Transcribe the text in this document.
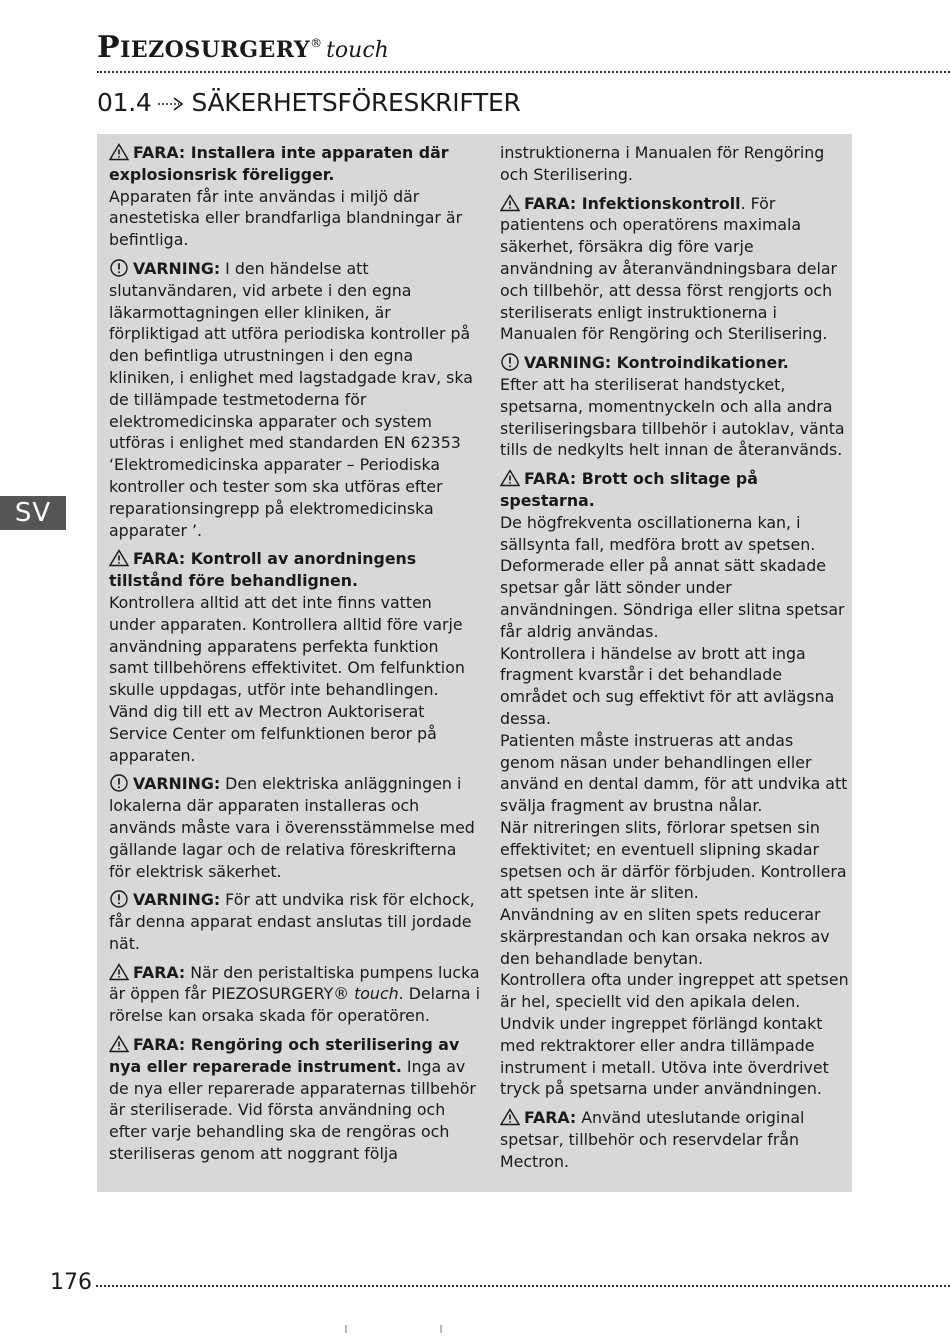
PIEZOSURGERY® touch
01.4 SÄKERHETSFÖRESKRIFTER
SV

FARA: Installera inte apparaten där explosionsrisk föreligger.
Apparaten får inte användas i miljö där anestetiska eller brandfarliga blandningar är befintliga.

VARNING: I den händelse att slutanvändaren, vid arbete i den egna läkarmottagningen eller kliniken, är förpliktigad att utföra periodiska kontroller på den befintliga utrustningen i den egna kliniken, i enlighet med lagstadgade krav, ska de tillämpade testmetoderna för elektromedicinska apparater och system utföras i enlighet med standarden EN 62353 ‘Elektromedicinska apparater – Periodiska kontroller och tester som ska utföras efter reparationsingrepp på elektromedicinska apparater ’.

FARA: Kontroll av anordningens tillstånd före behandlignen.
Kontrollera alltid att det inte finns vatten under apparaten. Kontrollera alltid före varje användning apparatens perfekta funktion samt tillbehörens effektivitet. Om felfunktion skulle uppdagas, utför inte behandlingen. Vänd dig till ett av Mectron Auktoriserat Service Center om felfunktionen beror på apparaten.

VARNING: Den elektriska anläggningen i lokalerna där apparaten installeras och används måste vara i överensstämmelse med gällande lagar och de relativa föreskrifterna för elektrisk säkerhet.

VARNING: För att undvika risk för elchock, får denna apparat endast anslutas till jordade nät.

FARA: När den peristaltiska pumpens lucka är öppen får PIEZOSURGERY® touch. Delarna i rörelse kan orsaka skada för operatören.

FARA: Rengöring och sterilisering av nya eller reparerade instrument. Inga av de nya eller reparerade apparaternas tillbehör är steriliserade. Vid första användning och efter varje behandling ska de rengöras och steriliseras genom att noggrant följa

instruktionerna i Manualen för Rengöring och Sterilisering.

FARA: Infektionskontroll. För patientens och operatörens maximala säkerhet, försäkra dig före varje användning av återanvändningsbara delar och tillbehör, att dessa först rengjorts och steriliserats enligt instruktionerna i Manualen för Rengöring och Sterilisering.

VARNING: Kontroindikationer.
Efter att ha steriliserat handstycket, spetsarna, momentnyckeln och alla andra steriliseringsbara tillbehör i autoklav, vänta tills de nedkylts helt innan de återanvänds.

FARA: Brott och slitage på spestarna.
De högfrekventa oscillationerna kan, i sällsynta fall, medföra brott av spetsen. Deformerade eller på annat sätt skadade spetsar går lätt sönder under användningen. Söndriga eller slitna spetsar får aldrig användas.
Kontrollera i händelse av brott att inga fragment kvarstår i det behandlade området och sug effektivt för att avlägsna dessa.
Patienten måste instrueras att andas genom näsan under behandlingen eller använd en dental damm, för att undvika att svälja fragment av brustna nålar.
När nitreringen slits, förlorar spetsen sin effektivitet; en eventuell slipning skadar spetsen och är därför förbjuden. Kontrollera att spetsen inte är sliten.
Användning av en sliten spets reducerar skärprestandan och kan orsaka nekros av den behandlade benytan.
Kontrollera ofta under ingreppet att spetsen är hel, speciellt vid den apikala delen.
Undvik under ingreppet förlängd kontakt med rektraktorer eller andra tillämpade instrument i metall. Utöva inte överdrivet tryck på spetsarna under användningen.

FARA: Använd uteslutande original spetsar, tillbehör och reservdelar från Mectron.

176
